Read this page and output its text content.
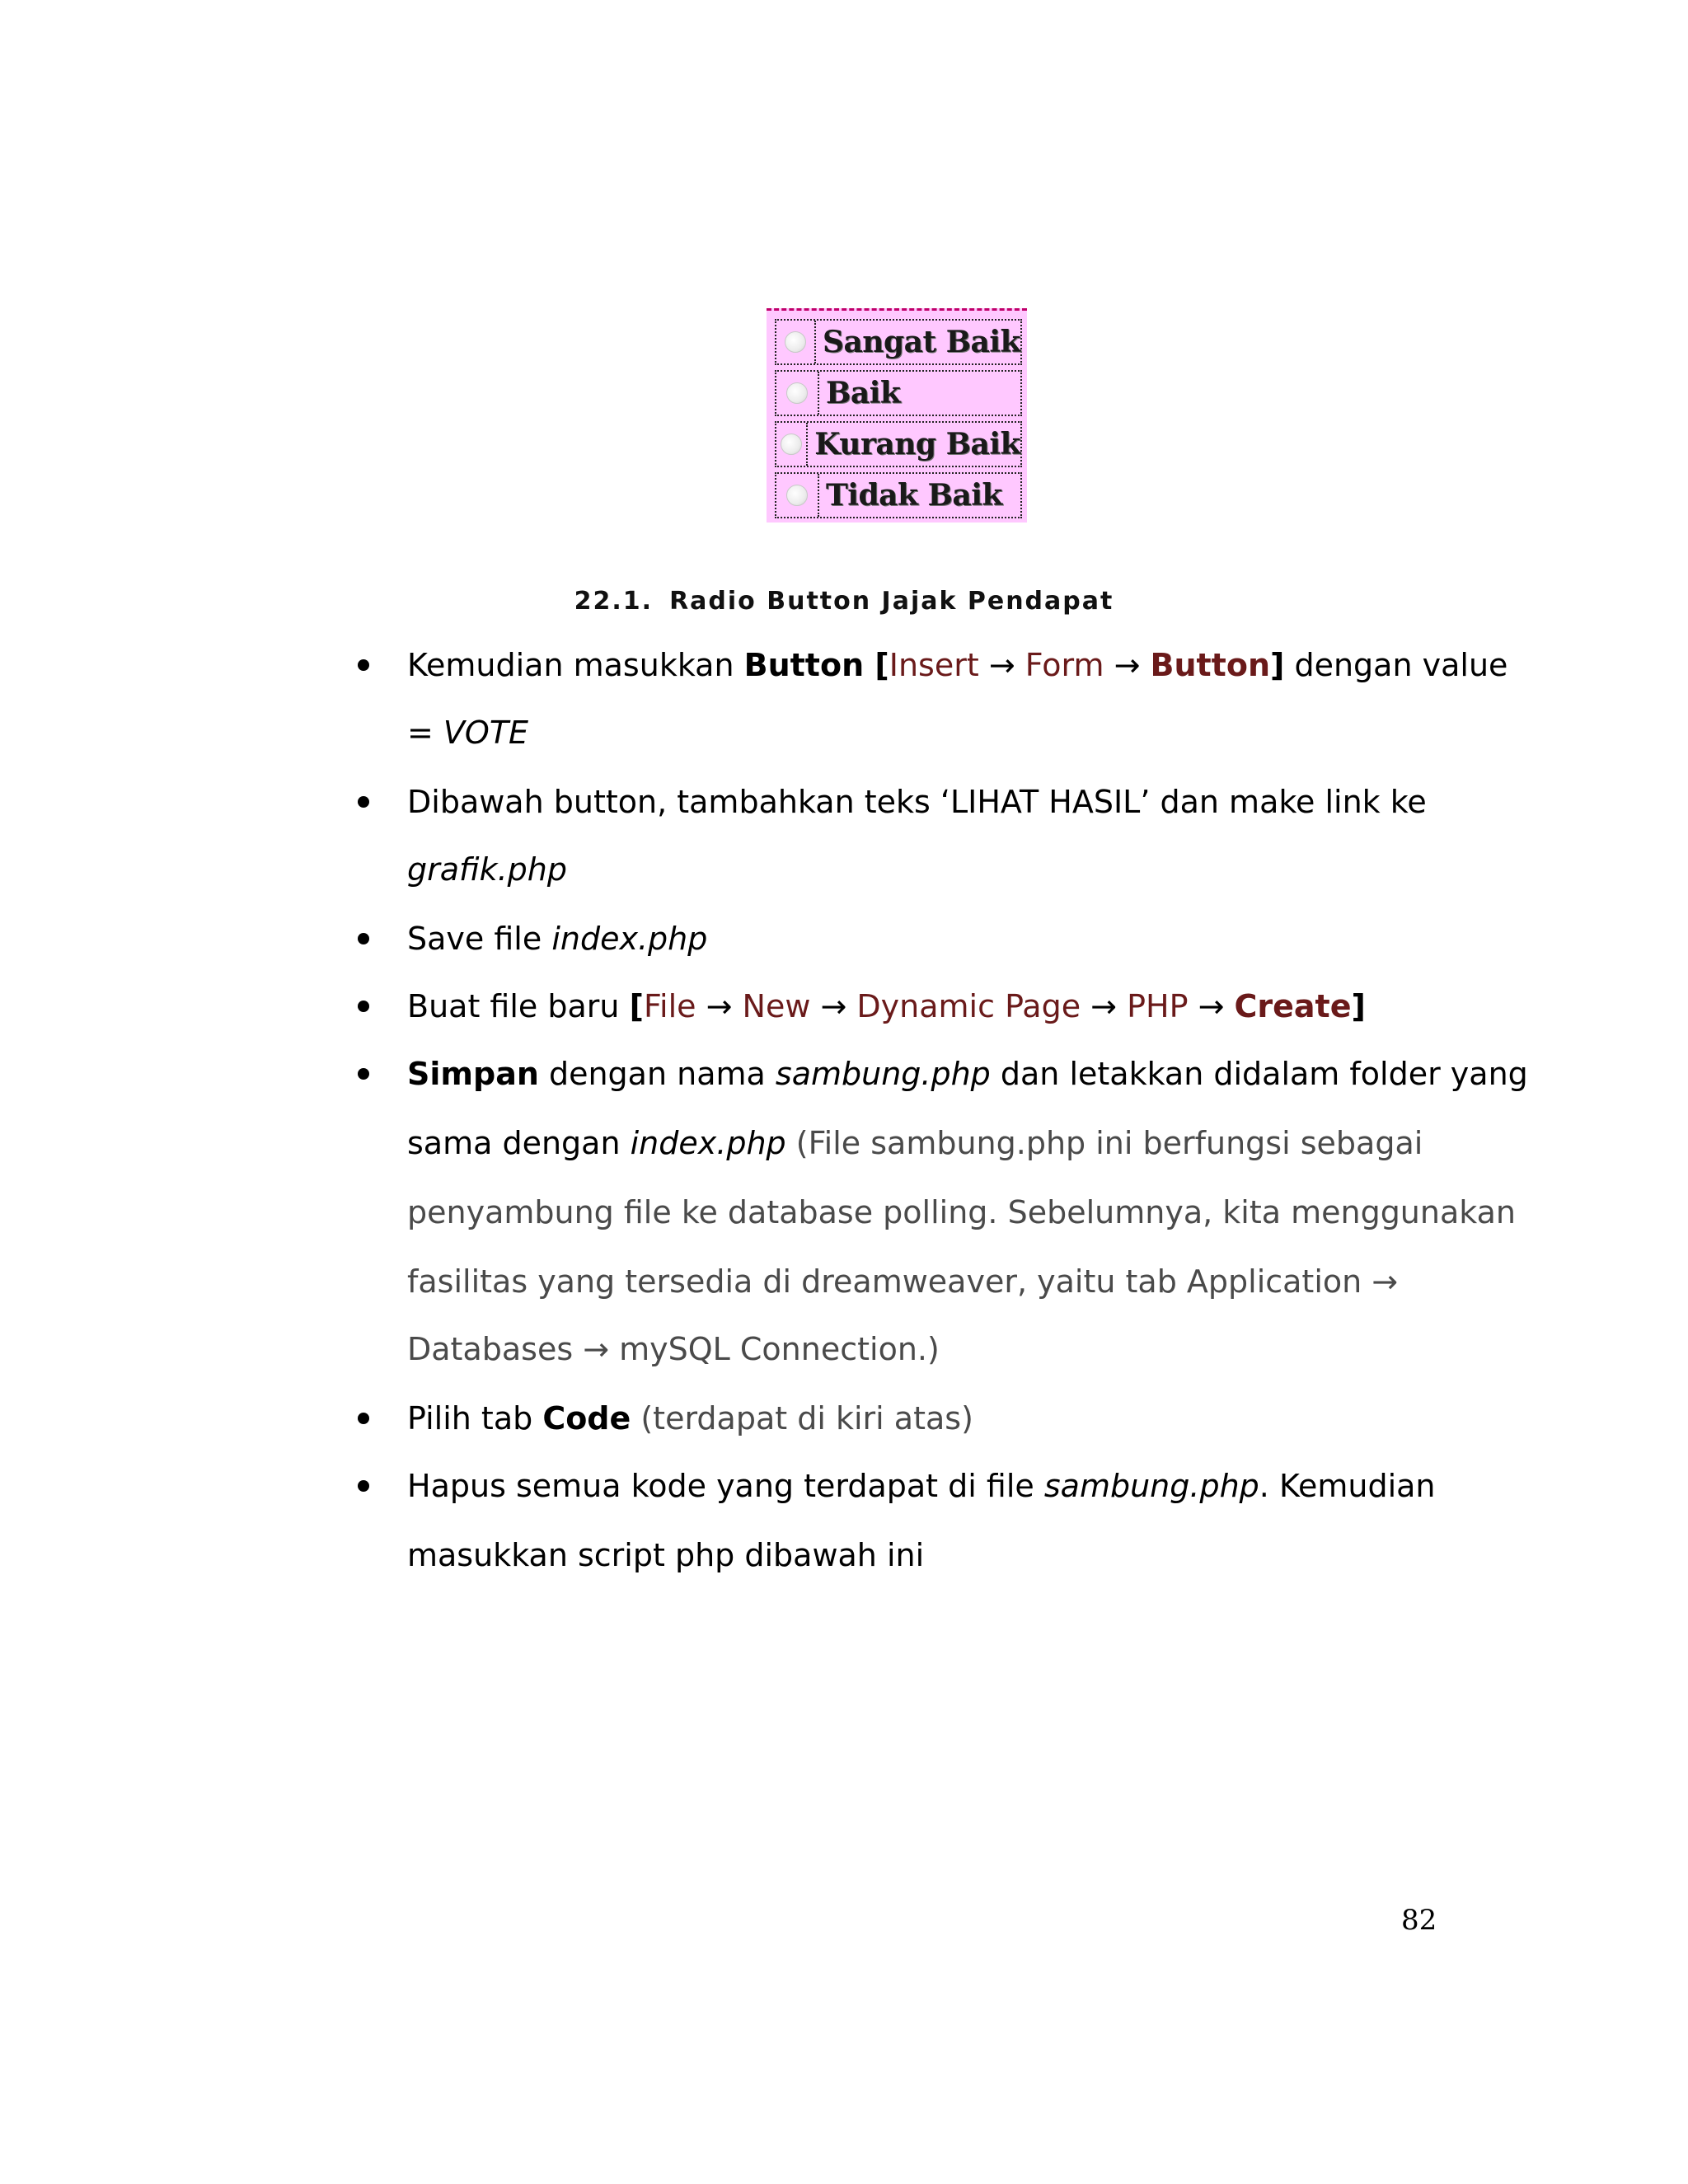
Sangat Baik
Baik
Kurang Baik
Tidak Baik
22.1. Radio Button Jajak Pendapat
Kemudian masukkan Button [Insert → Form → Button] dengan value
= VOTE
Dibawah button, tambahkan teks ‘LIHAT HASIL’ dan make link ke
grafik.php
Save file index.php
Buat file baru [File → New → Dynamic Page → PHP → Create]
Simpan dengan nama sambung.php dan letakkan didalam folder yang
sama dengan index.php (File sambung.php ini berfungsi sebagai
penyambung file ke database polling. Sebelumnya, kita menggunakan
fasilitas yang tersedia di dreamweaver, yaitu tab Application →
Databases → mySQL Connection.)
Pilih tab Code (terdapat di kiri atas)
Hapus semua kode yang terdapat di file sambung.php. Kemudian
masukkan script php dibawah ini
82
